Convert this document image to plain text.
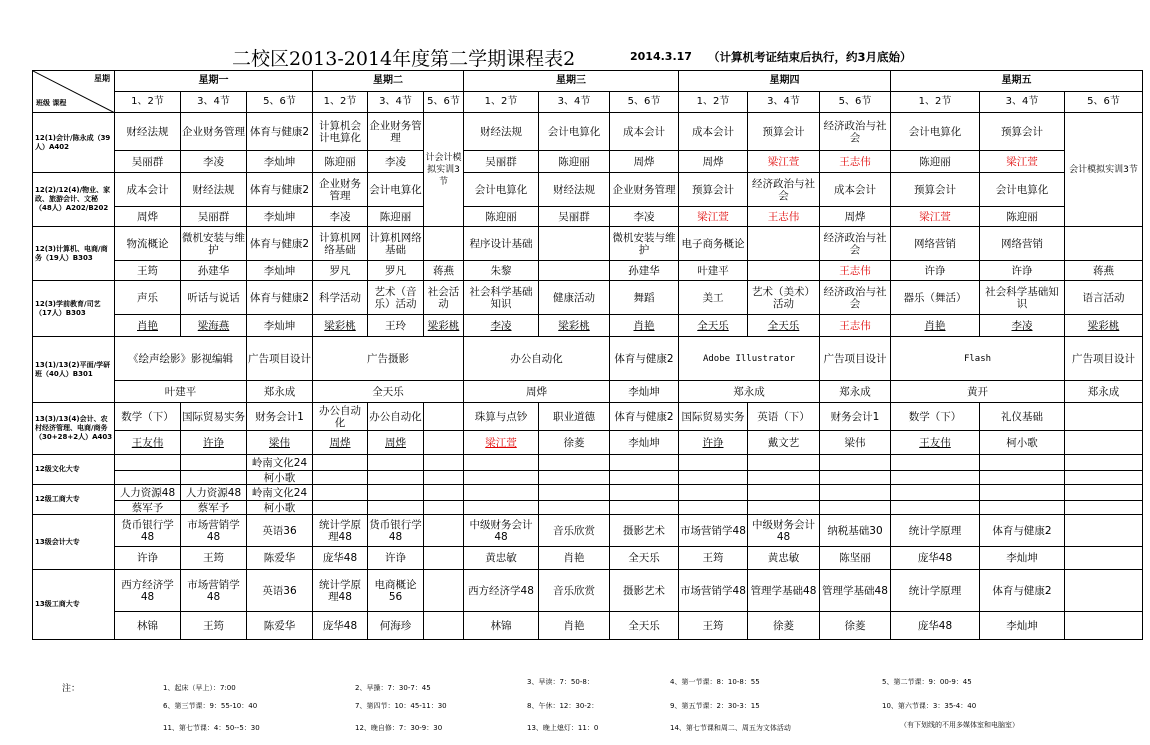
二校区2013-2014年度第二学期课程表2	2014.3.17 （计算机考证结束后执行，约3月底始）
星期
班级 课程	星期一			星期二			星期三			星期四			星期五		
	1、2节	3、4节	5、6节	1、2节	3、4节	5、6节	1、2节	3、4节	5、6节	1、2节	3、4节	5、6节	1、2节	3、4节	5、6节
12(1)会计/陈永成（39人）A402	财经法规	企业财务管理	体育与健康2	计算机会计电算化	企业财务管理	计会计模拟实训3节	财经法规	会计电算化	成本会计	成本会计	预算会计	经济政治与社会	会计电算化	预算会计	会计模拟实训3节
	吴丽群	李凌	李灿坤	陈迎丽	李凌		吴丽群	陈迎丽	周烨	周烨	梁江萱	王志伟	陈迎丽	梁江萱	
12(2)/12(4)/物业、家政、旅游会计、文秘（48人）A202/B202	成本会计	财经法规	体育与健康2	企业财务管理	会计电算化		会计电算化	财经法规	企业财务管理	预算会计	经济政治与社会	成本会计	预算会计	会计电算化	
	周烨	吴丽群	李灿坤	李凌	陈迎丽		陈迎丽	吴丽群	李凌	梁江萱	王志伟	周烨	梁江萱	陈迎丽	
12(3)计算机、电商/商务（19人）B303	物流概论	微机安装与维护	体育与健康2	计算机网络基础	计算机网络基础		程序设计基础		微机安装与维护	电子商务概论		经济政治与社会	网络营销	网络营销	
	王筠	孙建华	李灿坤	罗凡	罗凡	蒋燕	朱黎		孙建华	叶建平		王志伟	许诤	许诤	蒋燕
12(3)学前教育/司艺（17人）B303	声乐	听话与说话	体育与健康2	科学活动	艺术（音乐）活动	社会活动	社会科学基础知识	健康活动	舞蹈	美工	艺术（美术）活动	经济政治与社会	器乐（舞活）	社会科学基础知识	语言活动
	肖艳	梁海燕	李灿坤	梁彩桃	王玲	梁彩桃	李凌	梁彩桃	肖艳	全天乐	全天乐	王志伟	肖艳	李凌	梁彩桃
13(1)/13(2)平面/学研班（40人）B301	《绘声绘影》影视编辑		广告项目设计	广告摄影			办公自动化		体育与健康2	Adobe Illustrator		广告项目设计	Flash		广告项目设计
	叶建平		郑永成	全天乐			周烨		李灿坤	郑永成		郑永成	黄开		郑永成
13(3)/13(4)会计、农村经济管理、电商/商务（30+28+2人）A403	数学（下）	国际贸易实务	财务会计1	办公自动化	办公自动化		珠算与点钞	职业道德	体育与健康2	国际贸易实务	英语（下）	财务会计1	数学（下）	礼仪基础	
	王友伟	许诤	梁伟	周烨	周烨		梁江萱	徐菱	李灿坤	许诤	戴文艺	梁伟	王友伟	柯小歌	
12级文化大专			岭南文化24												
			柯小歌												
12级工商大专	人力资源48	人力资源48	岭南文化24												
	蔡军予	蔡军予	柯小歌												
13级会计大专	货币银行学48	市场营销学48	英语36	统计学原理48	货币银行学48		中级财务会计48	音乐欣赏	摄影艺术	市场营销学48	中级财务会计48	纳税基础30	统计学原理	体育与健康2	
	许诤	王筠	陈爱华	庞华48	许诤		黄忠敏	肖艳	全天乐	王筠	黄忠敏	陈坚丽	庞华48	李灿坤	
13级工商大专	西方经济学48	市场营销学48	英语36	统计学原理48	电商概论56		西方经济学48	音乐欣赏	摄影艺术	市场营销学48	管理学基础48	管理学基础48	统计学原理	体育与健康2	
	林锦	王筠	陈爱华	庞华48	何海珍		林锦	肖艳	全天乐	王筠	徐菱	徐菱	庞华48	李灿坤	
注：	1、起床（早上）：7:00	2、早操：7：30-7：45
3、早读：7：50-8：	4、第一节课：8：10-8：55	5、第二节课：9：00-9：45
6、第三节课：9：55-10：40	7、第四节：10：45-11：30	8、午休：12：30-2：	9、第五节课：2：30-3：15	10、第六节课：3：35-4：40
11、第七节课：4：50--5：30	12、晚自修：7：30-9：30	13、晚上熄灯：11：0	14、第七节课和周二、周五为文体活动	（有下划线的不用多媒体室和电脑室）
